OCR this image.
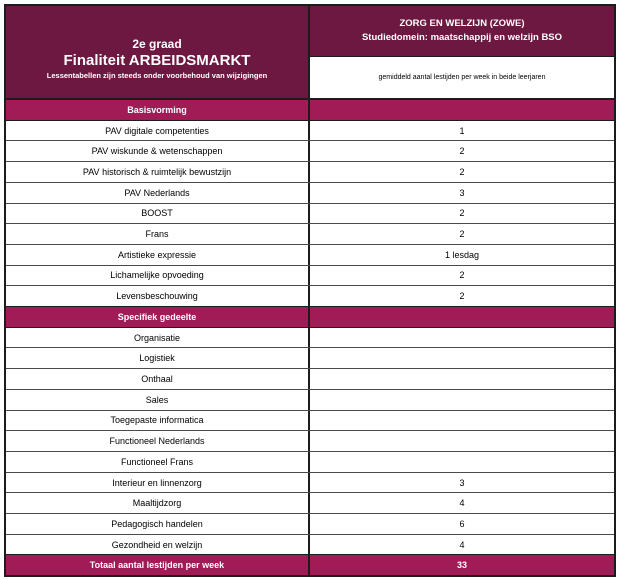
2e graad
Finaliteit ARBEIDSMARKT
Lessentabellen zijn steeds onder voorbehoud van wijzigingen
ZORG EN WELZIJN (ZOWE)
Studiedomein: maatschappij en welzijn BSO
gemiddeld aantal lestijden per week in beide leerjaren
Basisvorming
PAV digitale competenties	1
PAV wiskunde & wetenschappen	2
PAV historisch & ruimtelijk bewustzijn	2
PAV Nederlands	3
BOOST	2
Frans	2
Artistieke expressie	1 lesdag
Lichamelijke opvoeding	2
Levensbeschouwing	2
Specifiek gedeelte
Organisatie
Logistiek
Onthaal
Sales
Toegepaste informatica
Functioneel Nederlands
Functioneel Frans
Interieur en linnenzorg	3
Maaltijdzorg	4
Pedagogisch handelen	6
Gezondheid en welzijn	4
Totaal aantal lestijden per week	33
